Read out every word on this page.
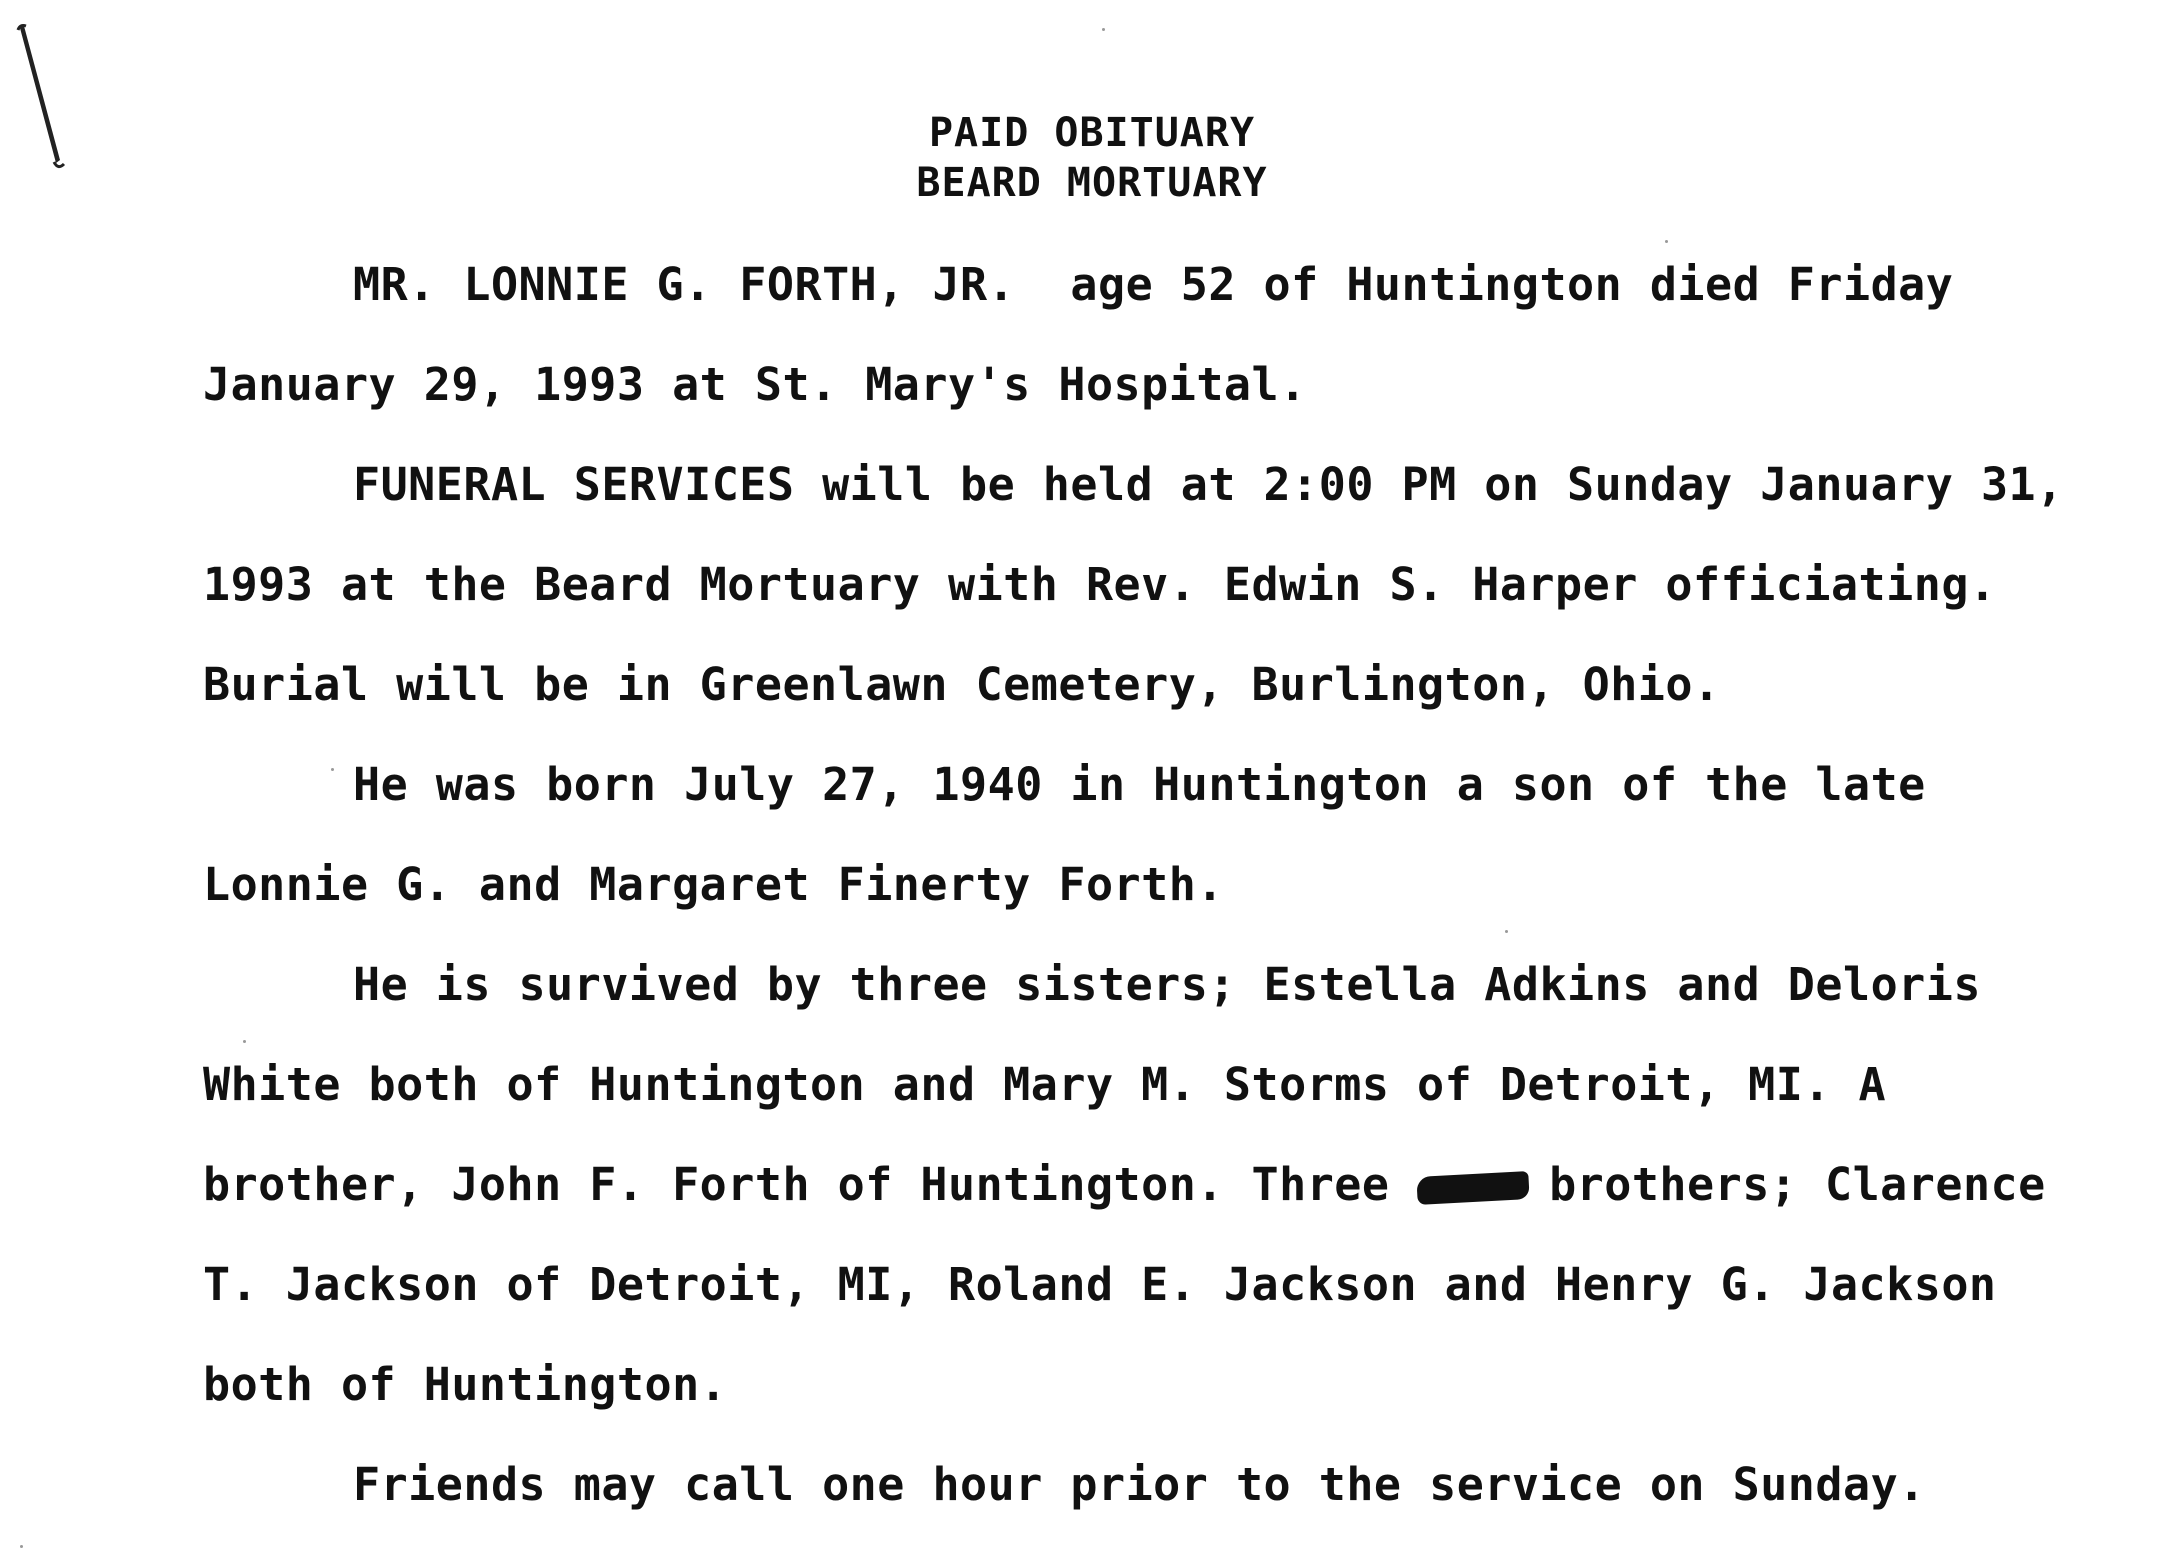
PAID OBITUARY

BEARD MORTUARY

MR. LONNIE G. FORTH, JR.  age 52 of Huntington died Friday

January 29, 1993 at St. Mary's Hospital.

FUNERAL SERVICES will be held at 2:00 PM on Sunday January 31,

1993 at the Beard Mortuary with Rev. Edwin S. Harper officiating.

Burial will be in Greenlawn Cemetery, Burlington, Ohio.

He was born July 27, 1940 in Huntington a son of the late

Lonnie G. and Margaret Finerty Forth.

He is survived by three sisters; Estella Adkins and Deloris

White both of Huntington and Mary M. Storms of Detroit, MI. A

brother, John F. Forth of Huntington. Three	brothers; Clarence

T. Jackson of Detroit, MI, Roland E. Jackson and Henry G. Jackson

both of Huntington.

Friends may call one hour prior to the service on Sunday.
